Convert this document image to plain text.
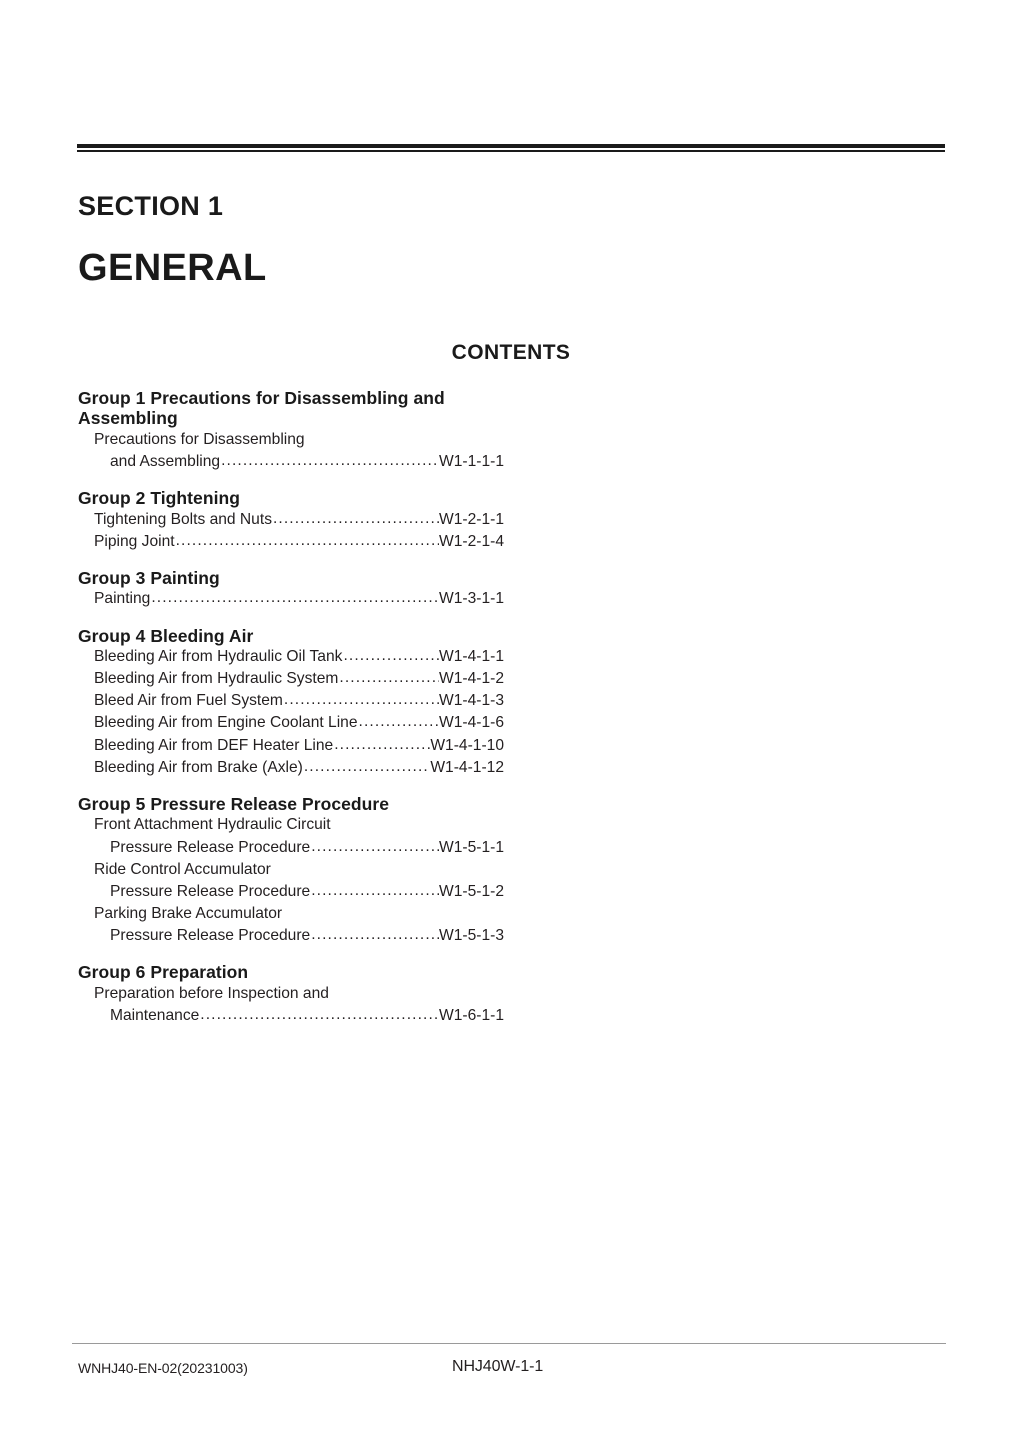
SECTION 1
GENERAL
CONTENTS
Group 1 Precautions for Disassembling and Assembling
Precautions for Disassembling
and Assembling .....	W1-1-1-1
Group 2 Tightening
Tightening Bolts and Nuts .....	W1-2-1-1
Piping Joint .....	W1-2-1-4
Group 3 Painting
Painting .....	W1-3-1-1
Group 4 Bleeding Air
Bleeding Air from Hydraulic Oil Tank .....	W1-4-1-1
Bleeding Air from Hydraulic System .....	W1-4-1-2
Bleed Air from Fuel System .....	W1-4-1-3
Bleeding Air from Engine Coolant Line .....	W1-4-1-6
Bleeding Air from DEF Heater Line .....	W1-4-1-10
Bleeding Air from Brake (Axle) .....	W1-4-1-12
Group 5 Pressure Release Procedure
Front Attachment Hydraulic Circuit
Pressure Release Procedure .....	W1-5-1-1
Ride Control Accumulator
Pressure Release Procedure .....	W1-5-1-2
Parking Brake Accumulator
Pressure Release Procedure .....	W1-5-1-3
Group 6 Preparation
Preparation before Inspection and
Maintenance .....	W1-6-1-1
WNHJ40-EN-02(20231003)	NHJ40W-1-1
